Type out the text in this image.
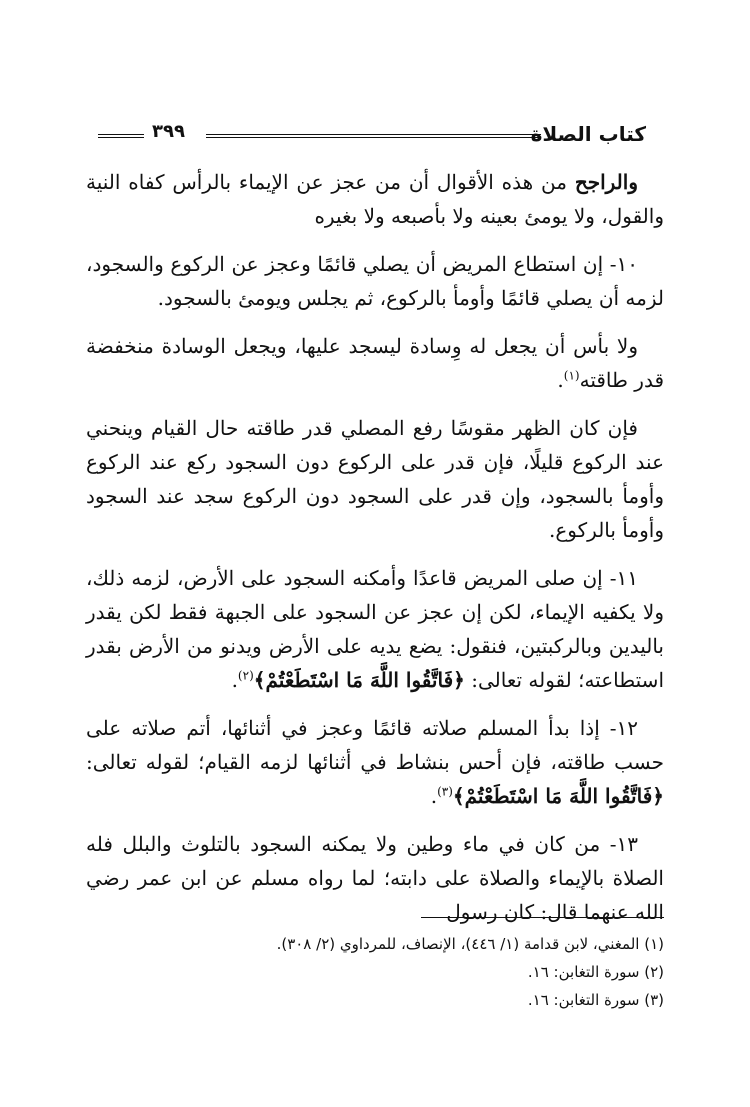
كتاب الصلاة
٣٩٩

والراجح من هذه الأقوال أن من عجز عن الإيماء بالرأس كفاه النية والقول، ولا يومئ بعينه ولا بأصبعه ولا بغيره

١٠- إن استطاع المريض أن يصلي قائمًا وعجز عن الركوع والسجود، لزمه أن يصلي قائمًا وأومأ بالركوع، ثم يجلس ويومئ بالسجود.

ولا بأس أن يجعل له وِسادة ليسجد عليها، ويجعل الوسادة منخفضة قدر طاقته$^{(١)}$.

فإن كان الظهر مقوسًا رفع المصلي قدر طاقته حال القيام وينحني عند الركوع قليلًا، فإن قدر على الركوع دون السجود ركع عند الركوع وأومأ بالسجود، وإن قدر على السجود دون الركوع سجد عند السجود وأومأ بالركوع.

١١- إن صلى المريض قاعدًا وأمكنه السجود على الأرض، لزمه ذلك، ولا يكفيه الإيماء، لكن إن عجز عن السجود على الجبهة فقط لكن يقدر باليدين وبالركبتين، فنقول: يضع يديه على الأرض ويدنو من الأرض بقدر استطاعته؛ لقوله تعالى: ﴿فَاتَّقُوا اللَّهَ مَا اسْتَطَعْتُمْ﴾$^{(٢)}$.

١٢- إذا بدأ المسلم صلاته قائمًا وعجز في أثنائها، أتم صلاته على حسب طاقته، فإن أحس بنشاط في أثنائها لزمه القيام؛ لقوله تعالى: ﴿فَاتَّقُوا اللَّهَ مَا اسْتَطَعْتُمْ﴾$^{(٣)}$.

١٣- من كان في ماء وطين ولا يمكنه السجود بالتلوث والبلل فله الصلاة بالإيماء والصلاة على دابته؛ لما رواه مسلم عن ابن عمر رضي الله عنهما قال: كان رسول

(١) المغني، لابن قدامة (١/ ٤٤٦)، الإنصاف، للمرداوي (٢/ ٣٠٨).

(٢) سورة التغابن: ١٦.

(٣) سورة التغابن: ١٦.
